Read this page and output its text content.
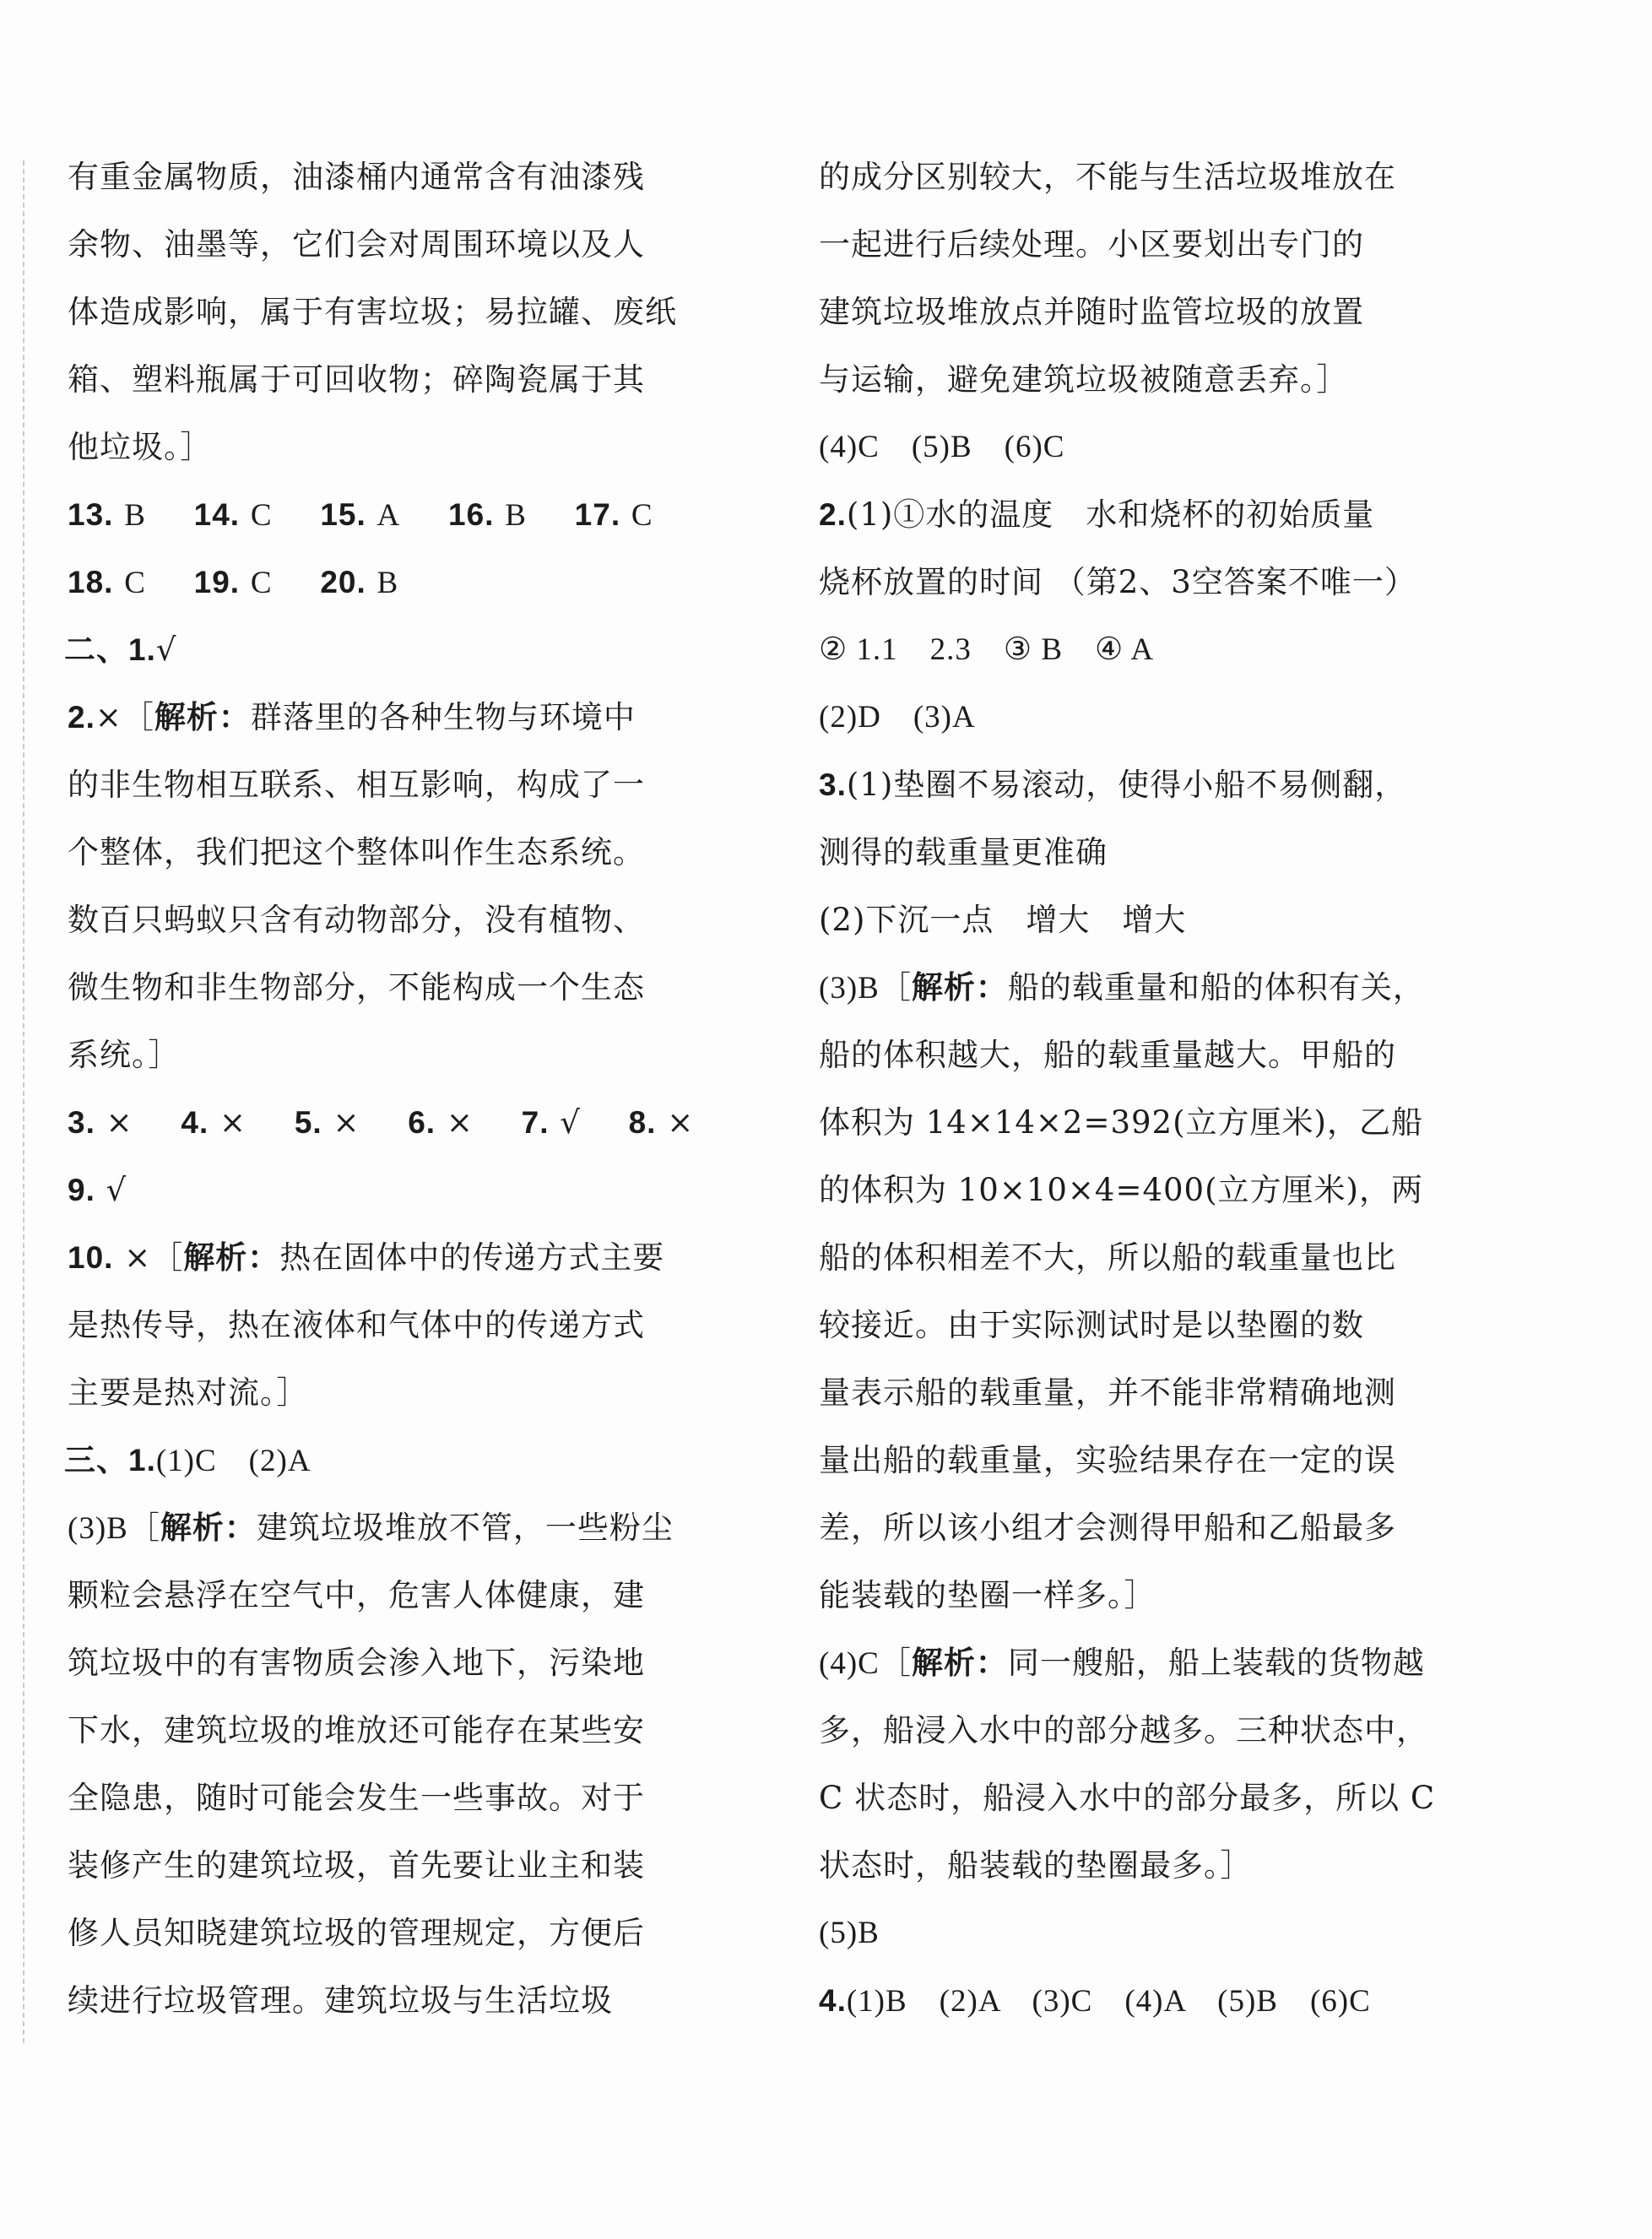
有重金属物质，油漆桶内通常含有油漆残
余物、油墨等，它们会对周围环境以及人
体造成影响，属于有害垃圾；易拉罐、废纸
箱、塑料瓶属于可回收物；碎陶瓷属于其
他垃圾。］
13. B 14. C 15. A 16. B 17. C
18. C 19. C 20. B
二、1.√
2.×［解析：群落里的各种生物与环境中
的非生物相互联系、相互影响，构成了一
个整体，我们把这个整体叫作生态系统。
数百只蚂蚁只含有动物部分，没有植物、
微生物和非生物部分，不能构成一个生态
系统。］
3. × 4. × 5. × 6. × 7. √ 8. ×
9. √
10. ×［解析：热在固体中的传递方式主要
是热传导，热在液体和气体中的传递方式
主要是热对流。］
三、1.(1)C　(2)A
(3)B［解析：建筑垃圾堆放不管，一些粉尘
颗粒会悬浮在空气中，危害人体健康，建
筑垃圾中的有害物质会渗入地下，污染地
下水，建筑垃圾的堆放还可能存在某些安
全隐患，随时可能会发生一些事故。对于
装修产生的建筑垃圾，首先要让业主和装
修人员知晓建筑垃圾的管理规定，方便后
续进行垃圾管理。建筑垃圾与生活垃圾
的成分区别较大，不能与生活垃圾堆放在
一起进行后续处理。小区要划出专门的
建筑垃圾堆放点并随时监管垃圾的放置
与运输，避免建筑垃圾被随意丢弃。］
(4)C　(5)B　(6)C
2.(1)①水的温度　水和烧杯的初始质量
烧杯放置的时间 （第2、3空答案不唯一）
② 1.1　2.3　③ B　④ A
(2)D　(3)A
3.(1)垫圈不易滚动，使得小船不易侧翻，
测得的载重量更准确
(2)下沉一点　增大　增大
(3)B［解析：船的载重量和船的体积有关，
船的体积越大，船的载重量越大。甲船的
体积为 14×14×2=392(立方厘米)，乙船
的体积为 10×10×4=400(立方厘米)，两
船的体积相差不大，所以船的载重量也比
较接近。由于实际测试时是以垫圈的数
量表示船的载重量，并不能非常精确地测
量出船的载重量，实验结果存在一定的误
差，所以该小组才会测得甲船和乙船最多
能装载的垫圈一样多。］
(4)C［解析：同一艘船，船上装载的货物越
多，船浸入水中的部分越多。三种状态中，
C 状态时，船浸入水中的部分最多，所以 C
状态时，船装载的垫圈最多。］
(5)B
4.(1)B　(2)A　(3)C　(4)A　(5)B　(6)C
